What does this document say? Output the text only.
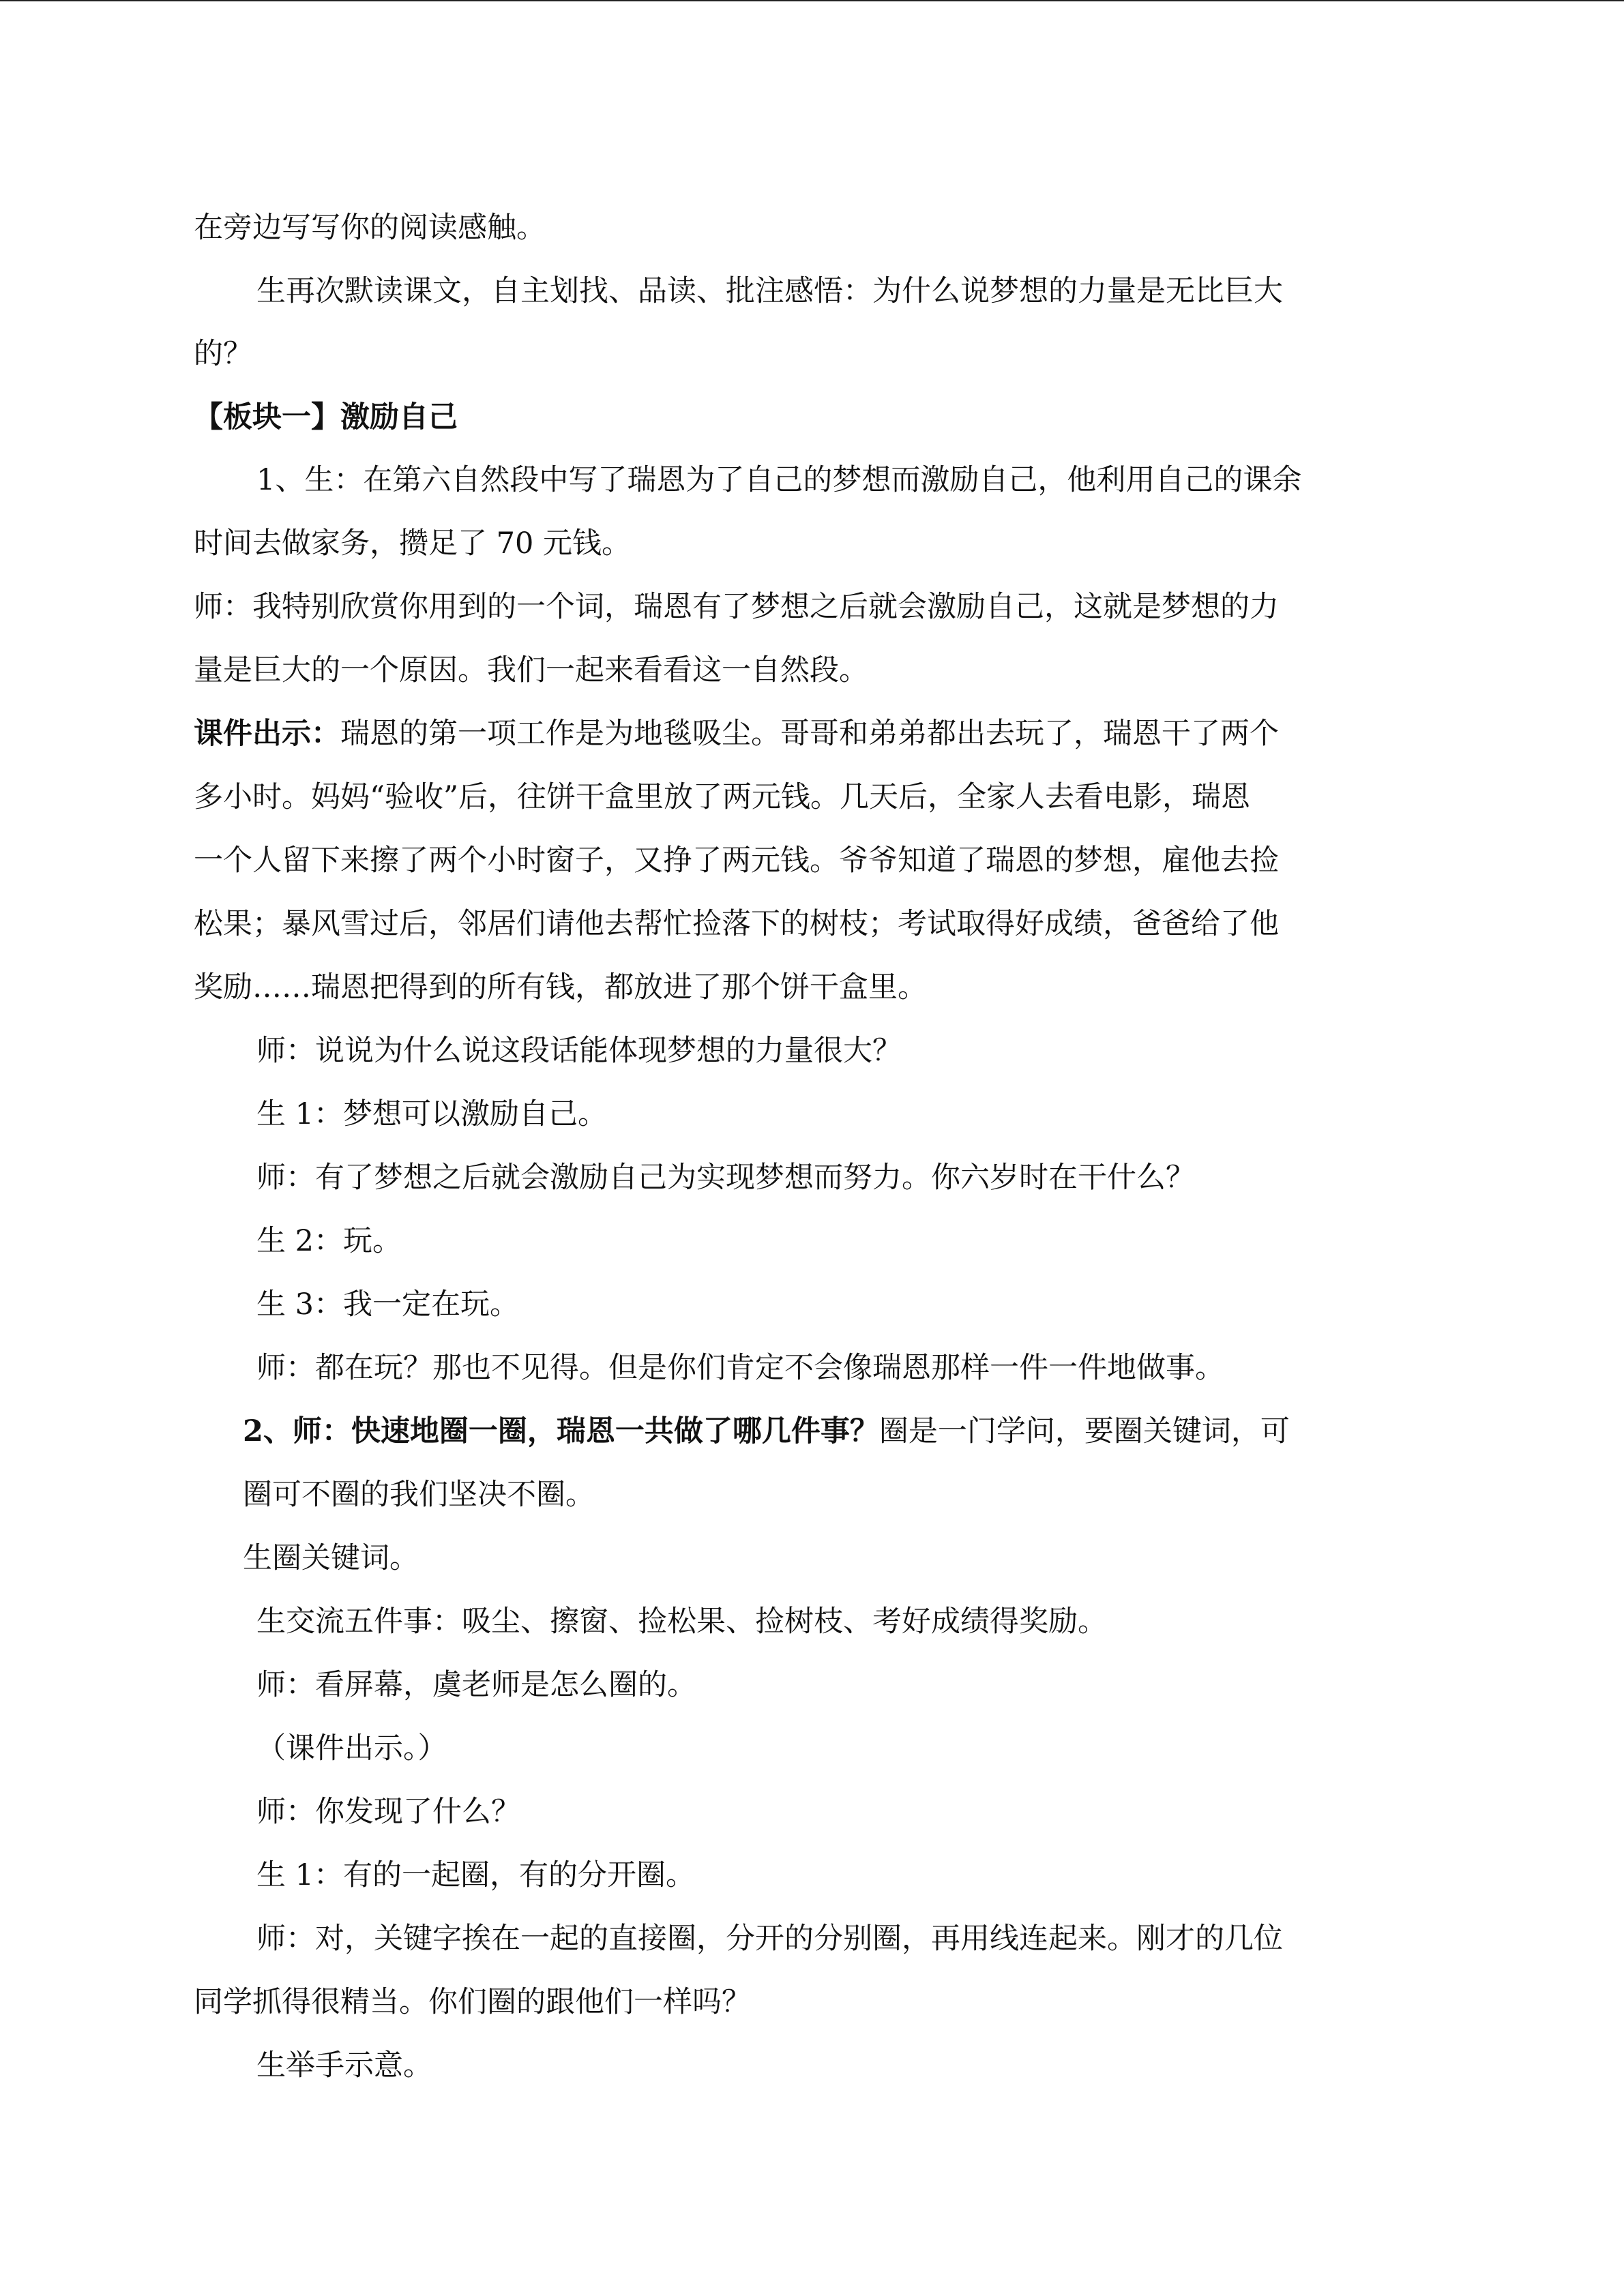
在旁边写写你的阅读感触。
生再次默读课文，自主划找、品读、批注感悟：为什么说梦想的力量是无比巨大
的？
【板块一】激励自己
1、生：在第六自然段中写了瑞恩为了自己的梦想而激励自己，他利用自己的课余
时间去做家务，攒足了 70 元钱。
师：我特别欣赏你用到的一个词，瑞恩有了梦想之后就会激励自己，这就是梦想的力
量是巨大的一个原因。我们一起来看看这一自然段。
课件出示：瑞恩的第一项工作是为地毯吸尘。哥哥和弟弟都出去玩了，瑞恩干了两个
多小时。妈妈“验收”后，往饼干盒里放了两元钱。几天后，全家人去看电影，瑞恩
一个人留下来擦了两个小时窗子，又挣了两元钱。爷爷知道了瑞恩的梦想，雇他去捡
松果；暴风雪过后，邻居们请他去帮忙捡落下的树枝；考试取得好成绩，爸爸给了他
奖励……瑞恩把得到的所有钱，都放进了那个饼干盒里。
师：说说为什么说这段话能体现梦想的力量很大？
生 1：梦想可以激励自己。
师：有了梦想之后就会激励自己为实现梦想而努力。你六岁时在干什么？
生 2：玩。
生 3：我一定在玩。
师：都在玩？那也不见得。但是你们肯定不会像瑞恩那样一件一件地做事。
2、师：快速地圈一圈，瑞恩一共做了哪几件事？圈是一门学问，要圈关键词，可
圈可不圈的我们坚决不圈。
生圈关键词。
生交流五件事：吸尘、擦窗、捡松果、捡树枝、考好成绩得奖励。
师：看屏幕，虞老师是怎么圈的。
（课件出示。）
师：你发现了什么？
生 1：有的一起圈，有的分开圈。
师：对，关键字挨在一起的直接圈，分开的分别圈，再用线连起来。刚才的几位
同学抓得很精当。你们圈的跟他们一样吗？
生举手示意。
